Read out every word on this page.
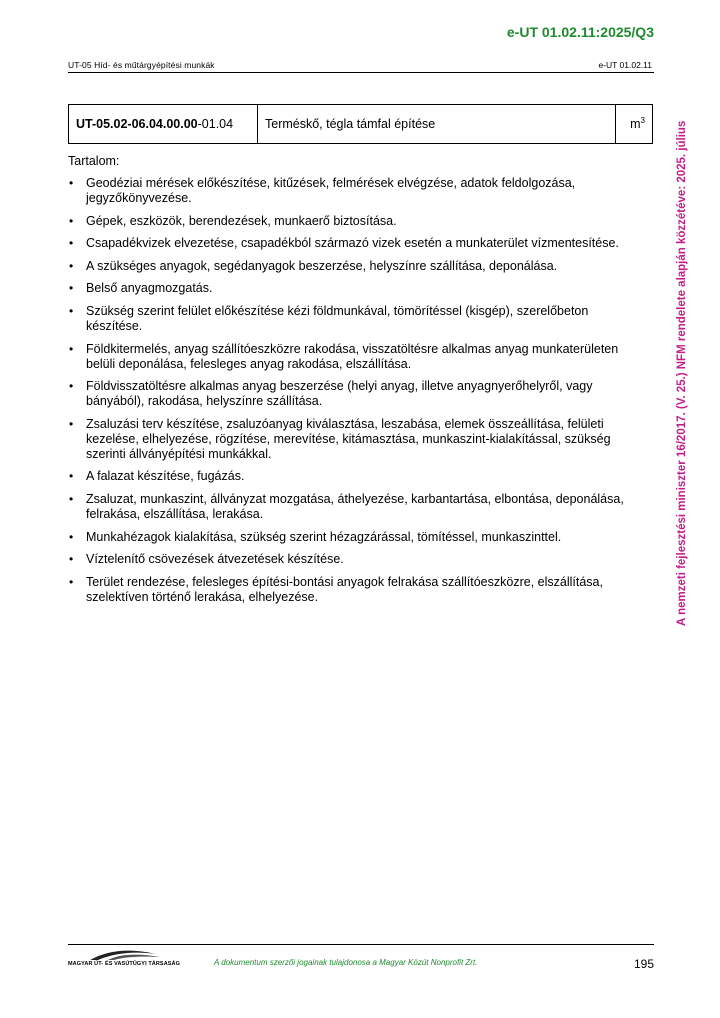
e-UT 01.02.11:2025/Q3
UT-05 Híd- és műtárgyépítési munkák	e-UT 01.02.11
UT-05.02-06.04.00.00-01.04	Terméskő, tégla támfal építése	$m^3$
Tartalom:
• Geodéziai mérések előkészítése, kitűzések, felmérések elvégzése, adatok feldolgozása, jegyzőkönyvezése.
• Gépek, eszközök, berendezések, munkaerő biztosítása.
• Csapadékvizek elvezetése, csapadékból származó vizek esetén a munkaterület vízmentesítése.
• A szükséges anyagok, segédanyagok beszerzése, helyszínre szállítása, deponálása.
• Belső anyagmozgatás.
• Szükség szerint felület előkészítése kézi földmunkával, tömörítéssel (kisgép), szerelőbeton készítése.
• Földkitermelés, anyag szállítóeszközre rakodása, visszatöltésre alkalmas anyag munkaterületen belüli deponálása, felesleges anyag rakodása, elszállítása.
• Földvisszatöltésre alkalmas anyag beszerzése (helyi anyag, illetve anyagnyerőhelyről, vagy bányából), rakodása, helyszínre szállítása.
• Zsaluzási terv készítése, zsaluzóanyag kiválasztása, leszabása, elemek összeállítása, felületi kezelése, elhelyezése, rögzítése, merevítése, kitámasztása, munkaszint-kialakítással, szükség szerinti állványépítési munkákkal.
• A falazat készítése, fugázás.
• Zsaluzat, munkaszint, állványzat mozgatása, áthelyezése, karbantartása, elbontása, deponálása, felrakása, elszállítása, lerakása.
• Munkahézagok kialakítása, szükség szerint hézagzárással, tömítéssel, munkaszinttel.
• Víztelenítő csövezések átvezetések készítése.
• Terület rendezése, felesleges építési-bontási anyagok felrakása szállítóeszközre, elszállítása, szelektíven történő lerakása, elhelyezése.	A nemzeti fejlesztési miniszter 16/2017. (V. 25.) NFM rendelete alapján közzétéve: 2025. július
MAGYAR ÚT- ÉS VASÚTÜGYI TÁRSASÁG	A dokumentum szerzői jogainak tulajdonosa a Magyar Közút Nonprofit Zrt.	195
